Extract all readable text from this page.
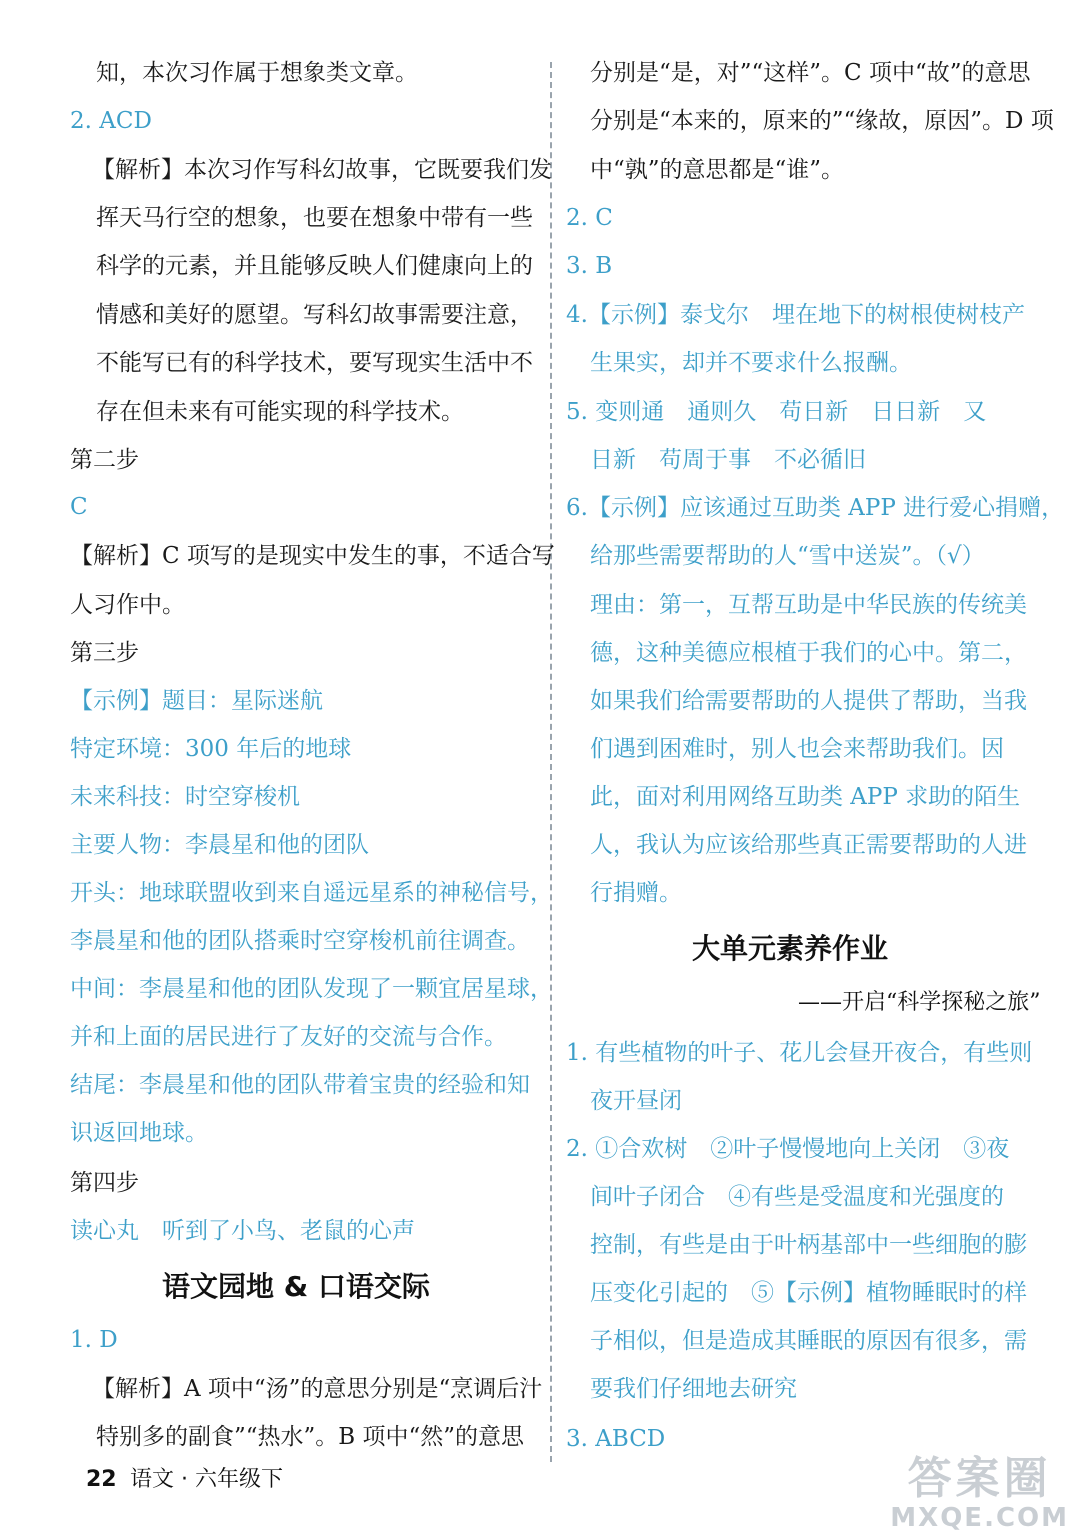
知，本次习作属于想象类文章。
2. ACD
【解析】本次习作写科幻故事，它既要我们发
挥天马行空的想象，也要在想象中带有一些
科学的元素，并且能够反映人们健康向上的
情感和美好的愿望。写科幻故事需要注意，
不能写已有的科学技术，要写现实生活中不
存在但未来有可能实现的科学技术。
第二步
C
【解析】C 项写的是现实中发生的事，不适合写
人习作中。
第三步
【示例】题目：星际迷航
特定环境：300 年后的地球
未来科技：时空穿梭机
主要人物：李晨星和他的团队
开头：地球联盟收到来自遥远星系的神秘信号，
李晨星和他的团队搭乘时空穿梭机前往调查。
中间：李晨星和他的团队发现了一颗宜居星球，
并和上面的居民进行了友好的交流与合作。
结尾：李晨星和他的团队带着宝贵的经验和知
识返回地球。
第四步
读心丸　听到了小鸟、老鼠的心声
语文园地 & 口语交际
1. D
【解析】A 项中“汤”的意思分别是“烹调后汁
特别多的副食”“热水”。B 项中“然”的意思
分别是“是，对”“这样”。C 项中“故”的意思
分别是“本来的，原来的”“缘故，原因”。D 项
中“孰”的意思都是“谁”。
2. C
3. B
4.【示例】泰戈尔　埋在地下的树根使树枝产
生果实，却并不要求什么报酬。
5. 变则通　通则久　苟日新　日日新　又
日新　苟周于事　不必循旧
6.【示例】应该通过互助类 APP 进行爱心捐赠，
给那些需要帮助的人“雪中送炭”。（√）
理由：第一，互帮互助是中华民族的传统美
德，这种美德应根植于我们的心中。第二，
如果我们给需要帮助的人提供了帮助，当我
们遇到困难时，别人也会来帮助我们。因
此，面对利用网络互助类 APP 求助的陌生
人，我认为应该给那些真正需要帮助的人进
行捐赠。
大单元素养作业
——开启“科学探秘之旅”
1. 有些植物的叶子、花儿会昼开夜合，有些则
夜开昼闭
2. ①合欢树　②叶子慢慢地向上关闭　③夜
间叶子闭合　④有些是受温度和光强度的
控制，有些是由于叶柄基部中一些细胞的膨
压变化引起的　⑤【示例】植物睡眠时的样
子相似，但是造成其睡眠的原因有很多，需
要我们仔细地去研究
3. ABCD
22 语文 · 六年级下	答案圈
MXQE.COM
